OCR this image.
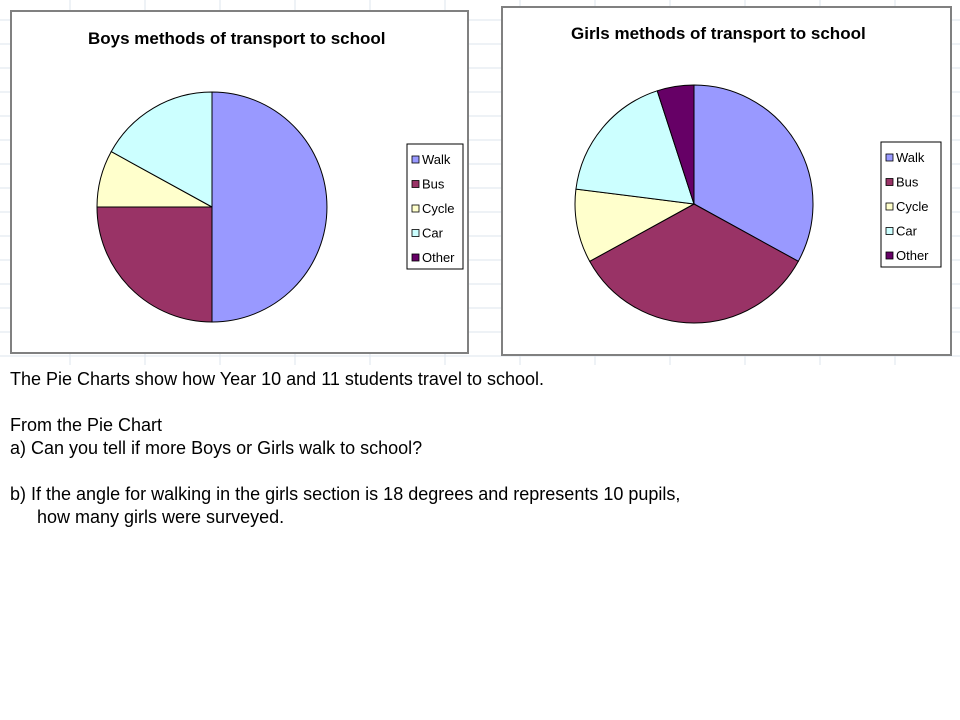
Boys methods of transport to school
Walk
Bus
Cycle
Car
Other
Girls methods of transport to school
Walk
Bus
Cycle
Car
Other

The Pie Charts show how Year 10 and 11 students travel to school.

From the Pie Chart

a) Can you tell if more Boys or Girls walk to school?

b) If the angle for walking in the girls section is 18 degrees and represents 10 pupils,

how many girls were surveyed.
